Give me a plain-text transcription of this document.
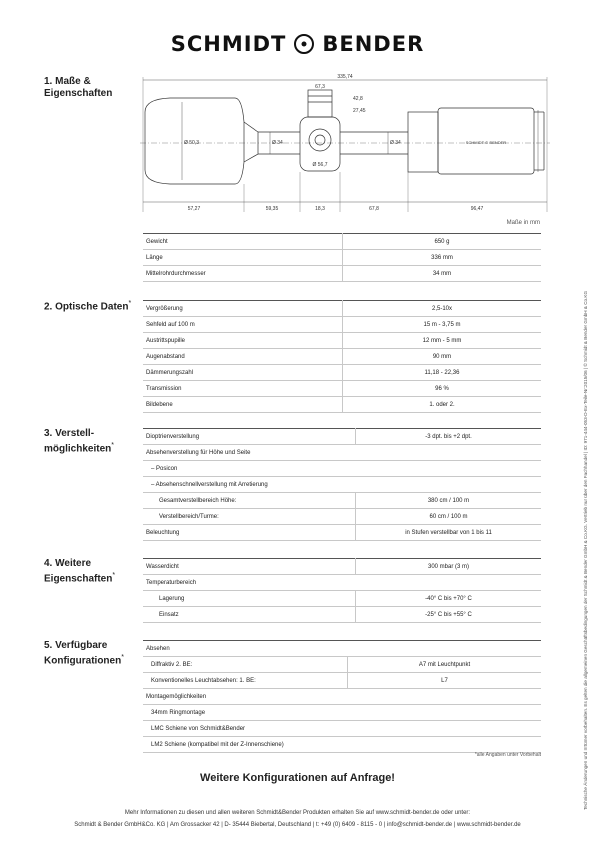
SCHMIDT BENDER
1. Maße &
Eigenschaften
2. Optische Daten*
3. Verstell-
möglichkeiten*
4. Weitere
Eigenschaften*
5. Verfügbare
Konfigurationen*
335,74
67,3
42,8
27,45
Ø 50,3	Ø 34	Ø 34
Ø 56,7
57,27	59,35	18,3	67,8	96,47
SCHMIDT ⊙ BENDER
Maße in mm
Gewicht	650 g
Länge	336 mm
Mittelrohrdurchmesser	34 mm
Vergrößerung	2,5-10x
Sehfeld auf 100 m	15 m - 3,75 m
Austrittspupille	12 mm - 5 mm
Augenabstand	90 mm
Dämmerungszahl	11,18 - 22,36
Transmission	96 %
Bildebene	1. oder 2.
Dioptrienverstellung	-3 dpt. bis +2 dpt.
Absehenverstellung für Höhe und Seite	
– Posicon	
– Absehenschnellverstellung mit Arretierung	
Gesamtverstellbereich Höhe:	380 cm / 100 m
Verstellbereich/Turme:	60 cm / 100 m
Beleuchtung	in Stufen verstellbar von 1 bis 11
Wasserdicht	300 mbar (3 m)
Temperaturbereich	
Lagerung	-40° C bis +70° C
Einsatz	-25° C bis +55° C
Absehen	
Diffraktiv 2. BE:	A7 mit Leuchtpunkt
Konventionelles Leuchtabsehen: 1. BE:	L7
Montagemöglichkeiten	
34mm Ringmontage	
LMC Schiene von Schmidt&Bender	
LM2 Schiene (kompatibel mit der Z-Innenschiene)	
*alle Angaben unter Vorbehalt
Weitere Konfigurationen auf Anfrage!
Mehr Informationen zu diesen und allen weiteren Schmidt&Bender Produkten erhalten Sie auf www.schmidt-bender.de oder unter:
Schmidt & Bender GmbH&Co. KG | Am Grossacker 42 | D- 35444 Biebertal, Deutschland | t: +49 (0) 6409 - 8115 - 0 | info@schmidt-bender.de | www.schmidt-bender.de
Technische Änderungen und Irrtümer vorbehalten. Es gelten die allgemeinen Geschäftsbedingungen der Schmidt & Bender GmbH & Co.KG. Vertrieb nur über den Fachhandel | ID: 971-444-053-D-Ex-Teile-Nr:2015/06 | © Schmidt & Bender GmbH & Co.KG
